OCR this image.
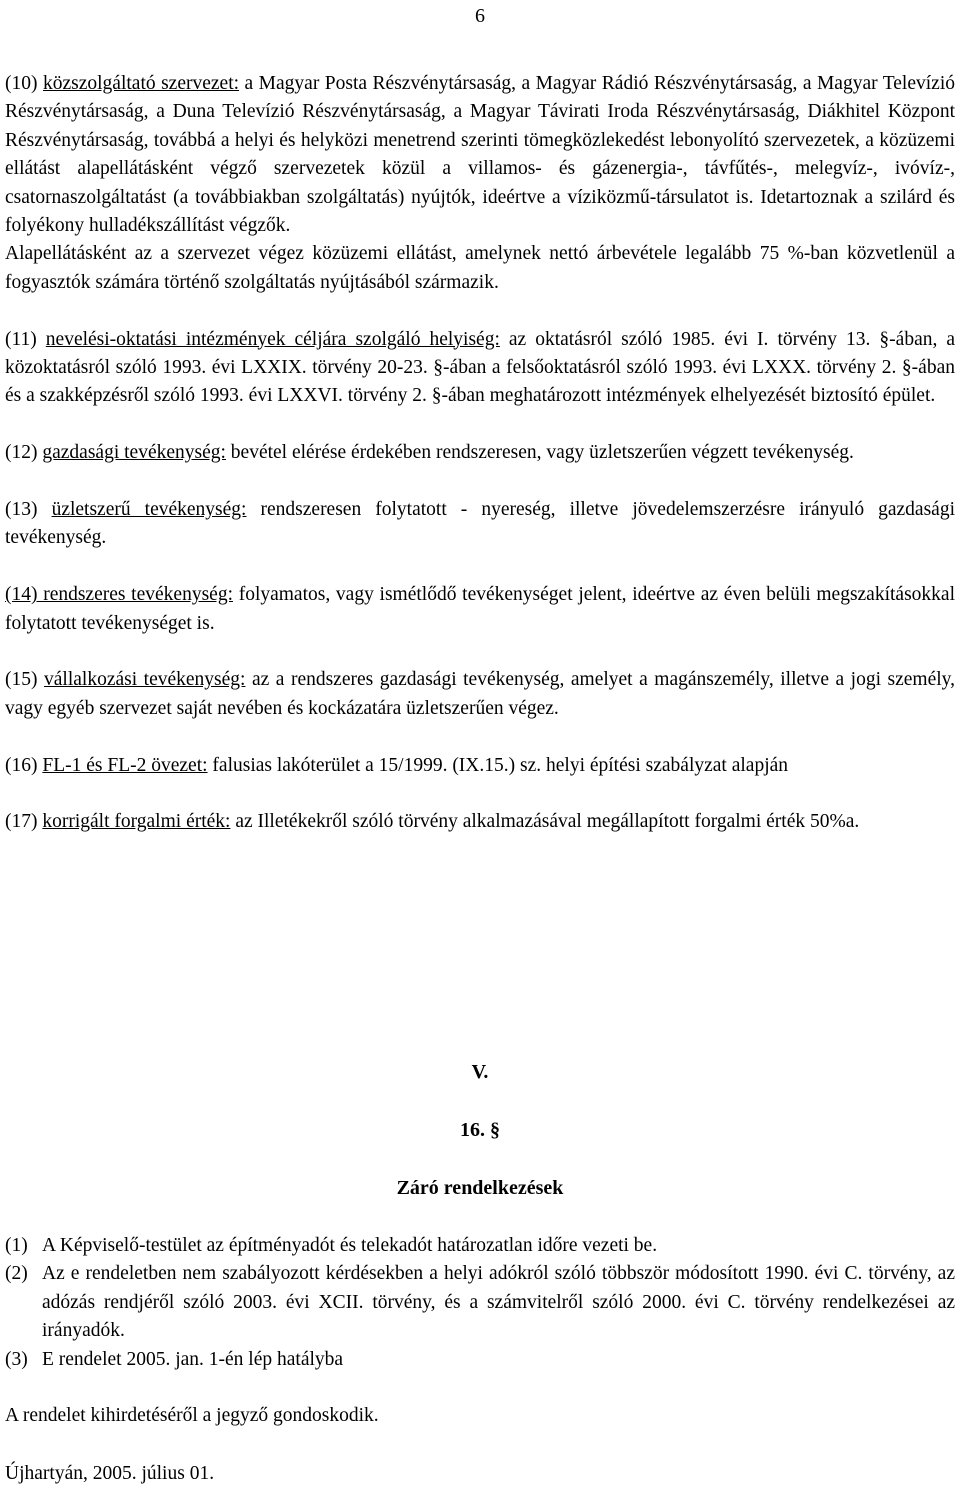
6

(10) közszolgáltató szervezet: a Magyar Posta Részvénytársaság, a Magyar Rádió Részvénytársaság, a Magyar Televízió Részvénytársaság, a Duna Televízió Részvénytársaság, a Magyar Távirati Iroda Részvénytársaság, Diákhitel Központ Részvénytársaság, továbbá a helyi és helyközi menetrend szerinti tömegközlekedést lebonyolító szervezetek, a közüzemi ellátást alapellátásként végző szervezetek közül a villamos- és gázenergia-, távfűtés-, melegvíz-, ivóvíz-, csatornaszolgáltatást (a továbbiakban szolgáltatás) nyújtók, ideértve a víziközmű-társulatot is. Idetartoznak a szilárd és folyékony hulladékszállítást végzők.

Alapellátásként az a szervezet végez közüzemi ellátást, amelynek nettó árbevétele legalább 75 %-ban közvetlenül a fogyasztók számára történő szolgáltatás nyújtásából származik.

(11) nevelési-oktatási intézmények céljára szolgáló helyiség: az oktatásról szóló 1985. évi I. törvény 13. §-ában, a közoktatásról szóló 1993. évi LXXIX. törvény 20-23. §-ában a felsőoktatásról szóló 1993. évi LXXX. törvény 2. §-ában és a szakképzésről szóló 1993. évi LXXVI. törvény 2. §-ában meghatározott intézmények elhelyezését biztosító épület.

(12) gazdasági tevékenység: bevétel elérése érdekében rendszeresen, vagy üzletszerűen végzett tevékenység.

(13) üzletszerű tevékenység: rendszeresen folytatott - nyereség, illetve jövedelemszerzésre irányuló gazdasági tevékenység.

(14) rendszeres tevékenység: folyamatos, vagy ismétlődő tevékenységet jelent, ideértve az éven belüli megszakításokkal folytatott tevékenységet is.

(15) vállalkozási tevékenység: az a rendszeres gazdasági tevékenység, amelyet a magánszemély, illetve a jogi személy, vagy egyéb szervezet saját nevében és kockázatára üzletszerűen végez.

(16) FL-1 és FL-2 övezet: falusias lakóterület a 15/1999. (IX.15.) sz. helyi építési szabályzat alapján

(17) korrigált forgalmi érték: az Illetékekről szóló törvény alkalmazásával megállapított forgalmi érték 50%a.

V.

16. §

Záró rendelkezések

(1) A Képviselő-testület az építményadót és telekadót határozatlan időre vezeti be.
(2) Az e rendeletben nem szabályozott kérdésekben a helyi adókról szóló többször módosított 1990. évi C. törvény, az adózás rendjéről szóló 2003. évi XCII. törvény, és a számvitelről szóló 2000. évi C. törvény rendelkezései az irányadók.
(3) E rendelet 2005. jan. 1-én lép hatályba

A rendelet kihirdetéséről a jegyző gondoskodik.

Újhartyán, 2005. július 01.
